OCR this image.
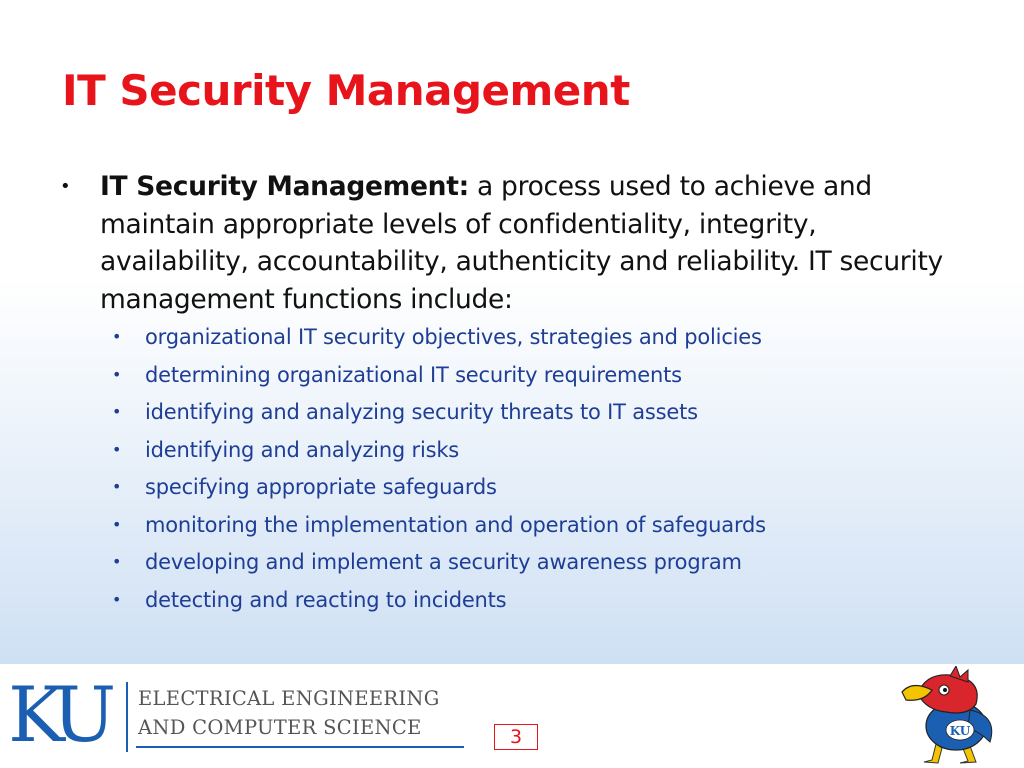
IT Security Management
•	IT Security Management: a process used to achieve and maintain appropriate levels of confidentiality, integrity, availability, accountability, authenticity and reliability. IT security management functions include:
•	organizational IT security objectives, strategies and policies
•	determining organizational IT security requirements
•	identifying and analyzing security threats to IT assets
•	identifying and analyzing risks
•	specifying appropriate safeguards
•	monitoring the implementation and operation of safeguards
•	developing and implement a security awareness program
•	detecting and reacting to incidents
KU ELECTRICAL ENGINEERING
AND COMPUTER SCIENCE	3	KU
